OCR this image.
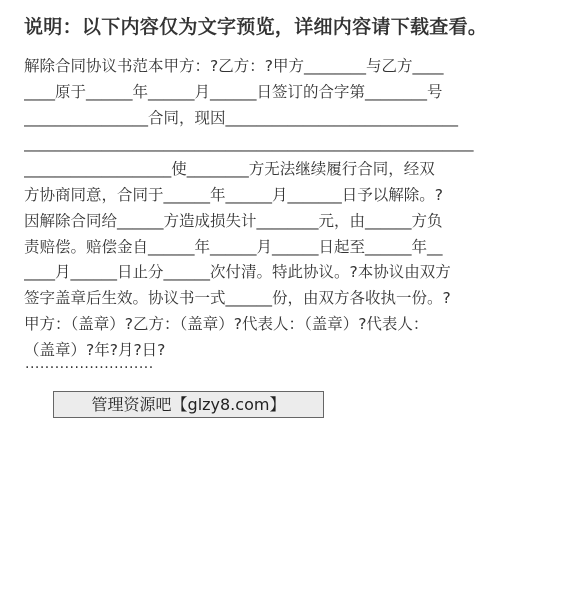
说明：以下内容仅为文字预览，详细内容请下载查看。
解除合同协议书范本甲方：?乙方：?甲方________与乙方____
____原于______年______月______日签订的合字第________号
________________合同，现因______________________________
__________________________________________________________
___________________使________方无法继续履行合同，经双
方协商同意，合同于______年______月_______日予以解除。?
因解除合同给______方造成损失计________元，由______方负
责赔偿。赔偿金自______年______月______日起至______年__
____月______日止分______次付清。特此协议。?本协议由双方
签字盖章后生效。协议书一式______份，由双方各收执一份。?
甲方：（盖章）?乙方：（盖章）?代表人：（盖章）?代表人：
（盖章）?年?月?日?
··························
管理资源吧【glzy8.com】
